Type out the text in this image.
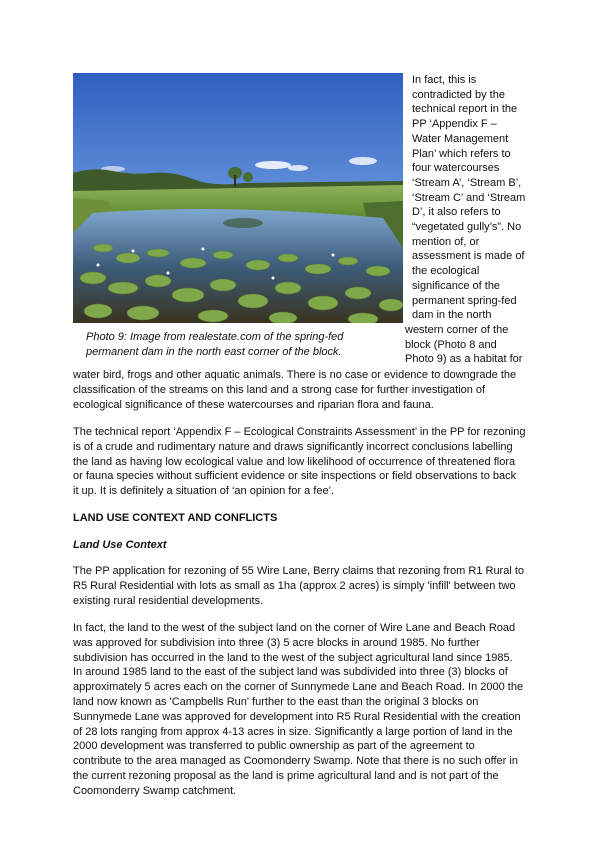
In fact, this is
contradicted by the
technical report in the
PP ‘Appendix F –
Water Management
Plan’ which refers to
four watercourses
‘Stream A’, ‘Stream B’,
‘Stream C’ and ‘Stream
D’, it also refers to
“vegetated gully’s”. No
mention of, or
assessment is made of
the ecological
significance of the
permanent spring-fed
dam in the north
western corner of the
block (Photo 8 and
Photo 9) as a habitat for
Photo 9: Image from realestate.com of the spring-fed
permanent dam in the north east corner of the block.
water bird, frogs and other aquatic animals. There is no case or evidence to downgrade the
classification of the streams on this land and a strong case for further investigation of
ecological significance of these watercourses and riparian flora and fauna.
The technical report ‘Appendix F – Ecological Constraints Assessment’ in the PP for rezoning
is of a crude and rudimentary nature and draws significantly incorrect conclusions labelling
the land as having low ecological value and low likelihood of occurrence of threatened flora
or fauna species without sufficient evidence or site inspections or field observations to back
it up. It is definitely a situation of ‘an opinion for a fee’.
LAND USE CONTEXT AND CONFLICTS
Land Use Context
The PP application for rezoning of 55 Wire Lane, Berry claims that rezoning from R1 Rural to
R5 Rural Residential with lots as small as 1ha (approx 2 acres) is simply 'infill' between two
existing rural residential developments.
In fact, the land to the west of the subject land on the corner of Wire Lane and Beach Road
was approved for subdivision into three (3) 5 acre blocks in around 1985. No further
subdivision has occurred in the land to the west of the subject agricultural land since 1985.
In around 1985 land to the east of the subject land was subdivided into three (3) blocks of
approximately 5 acres each on the corner of Sunnymede Lane and Beach Road. In 2000 the
land now known as 'Campbells Run' further to the east than the original 3 blocks on
Sunnymede Lane was approved for development into R5 Rural Residential with the creation
of 28 lots ranging from approx 4-13 acres in size. Significantly a large portion of land in the
2000 development was transferred to public ownership as part of the agreement to
contribute to the area managed as Coomonderry Swamp. Note that there is no such offer in
the current rezoning proposal as the land is prime agricultural land and is not part of the
Coomonderry Swamp catchment.
